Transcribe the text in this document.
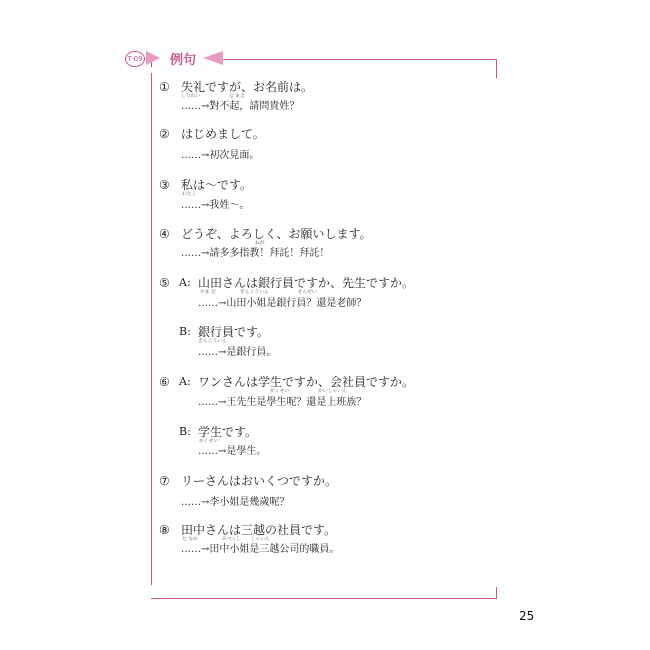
T-09 例句
① 失礼ですが、お名前は。
しつれい　　　　　　な まえ
……→對不起，請問貴姓？
② はじめまして。
……→初次見面。
③ 私は～です。
わたし
……→我姓～。
④ どうぞ、よろしく、お願いします。
ねが
……→請多多指教！拜託！拜託！
⑤ A: 山田さんは銀行員ですか、先生ですか。
やま だ　　　　　ぎんこういん　　　　　　せんせい
……→山田小姐是銀行員？還是老師？
B: 銀行員です。
ぎんこういん
……→是銀行員。
⑥ A: ワンさんは学生ですか、会社員ですか。
がくせい　　　　　　かいしゃいん
……→王先生是學生呢？還是上班族？
B: 学生です。
がくせい
……→是學生。
⑦ リーさんはおいくつですか。
……→李小姐是幾歲呢？
⑧ 田中さんは三越の社員です。
た なか　　　　　みつこし　　しゃいん
……→田中小姐是三越公司的職員。
25
